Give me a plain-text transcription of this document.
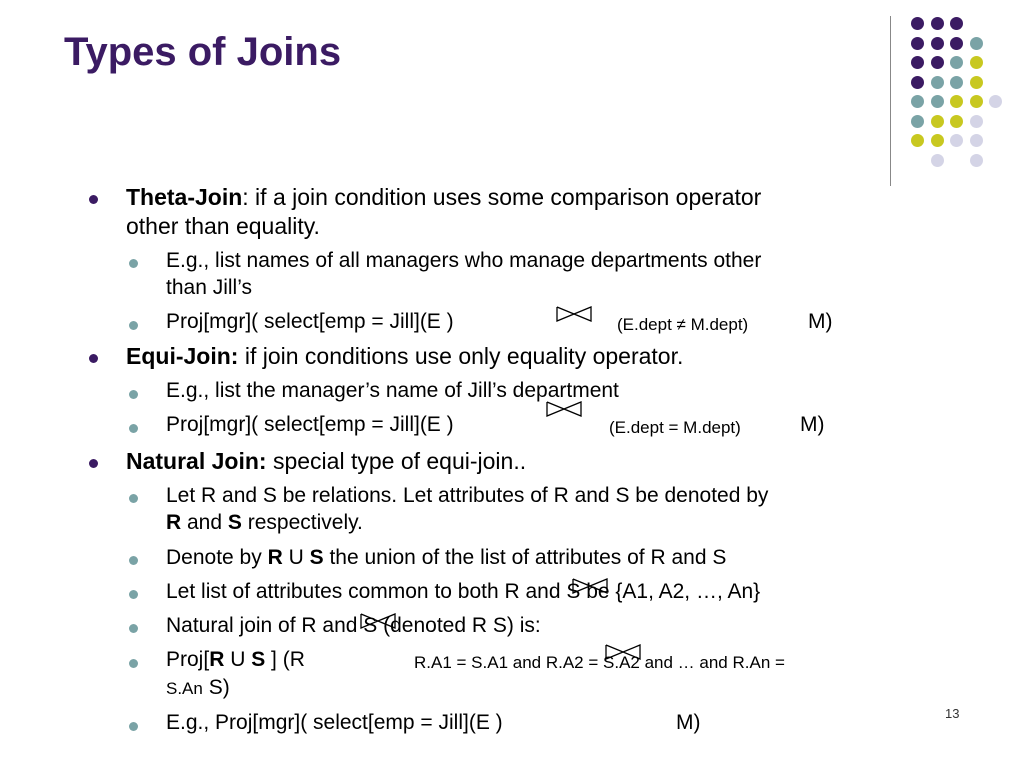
Types of Joins
Theta-Join: if a join condition uses some comparison operator
other than equality.
E.g., list names of all managers who manage departments other
than Jill’s
Proj[mgr]( select[emp = Jill](E )	(E.dept ≠ M.dept)	M)
Equi-Join: if join conditions use only equality operator.
E.g., list the manager’s name of Jill’s department
Proj[mgr]( select[emp = Jill](E )	(E.dept = M.dept)	M)
Natural Join: special type of equi-join..
Let R and S be relations. Let attributes of R and S be denoted by
R and S respectively.
Denote by R U S the union of the list of attributes of R and S
Let list of attributes common to both R and S be {A1, A2, …, An}
Natural join of R and S (denoted R S) is:
Proj[R U S ] (R	R.A1 = S.A1 and R.A2 = S.A2 and … and R.An =
S.An S)
E.g., Proj[mgr]( select[emp = Jill](E )	M)	13
